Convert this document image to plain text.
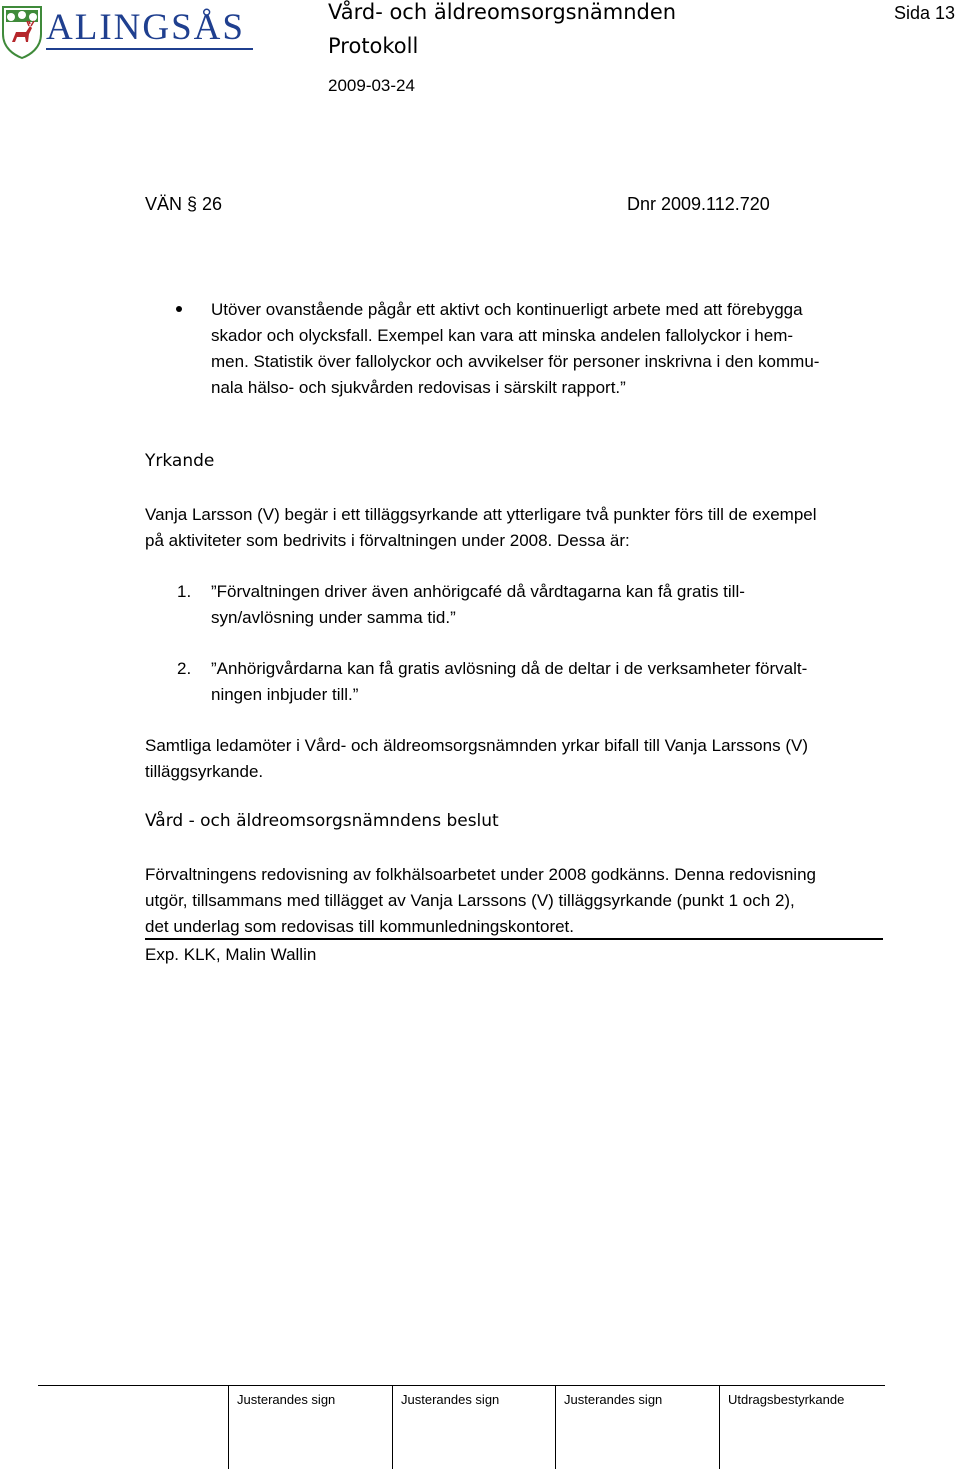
ALINGSÅS	Vård- och äldreomsorgsnämnden
Protokoll
2009-03-24
Sida 13
VÄN § 26	Dnr 2009.112.720
Utöver ovanstående pågår ett aktivt och kontinuerligt arbete med att förebygga
skador och olycksfall. Exempel kan vara att minska andelen fallolyckor i hem-
men. Statistik över fallolyckor och avvikelser för personer inskrivna i den kommu-
nala hälso- och sjukvården redovisas i särskilt rapport.”
Yrkande
Vanja Larsson (V) begär i ett tilläggsyrkande att ytterligare två punkter förs till de exempel
på aktiviteter som bedrivits i förvaltningen under 2008. Dessa är:
1. ”Förvaltningen driver även anhörigcafé då vårdtagarna kan få gratis till-
syn/avlösning under samma tid.”
2. ”Anhörigvårdarna kan få gratis avlösning då de deltar i de verksamheter förvalt-
ningen inbjuder till.”
Samtliga ledamöter i Vård- och äldreomsorgsnämnden yrkar bifall till Vanja Larssons (V)
tilläggsyrkande.
Vård - och äldreomsorgsnämndens beslut
Förvaltningens redovisning av folkhälsoarbetet under 2008 godkänns. Denna redovisning
utgör, tillsammans med tillägget av Vanja Larssons (V) tilläggsyrkande (punkt 1 och 2),
det underlag som redovisas till kommunledningskontoret.
Exp. KLK, Malin Wallin
Justerandes sign	Justerandes sign	Justerandes sign	Utdragsbestyrkande
